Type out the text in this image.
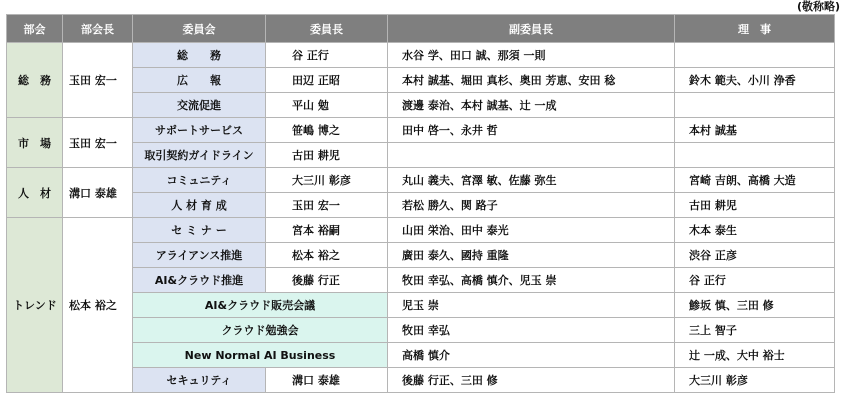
(敬称略)
部会	部会長	委員会	委員長	副委員長	理　事
総　務	玉田 宏一	総　　務	谷 正行	水谷 学、田口 誠、那須 一則	
		広　　報	田辺 正昭	本村 誠基、堀田 真杉、奥田 芳恵、安田 稔	鈴木 範夫、小川 浄香
		交流促進	平山 勉	渡邊 泰治、本村 誠基、辻 一成	
市　場	玉田 宏一	サポートサービス	笹嶋 博之	田中 啓一、永井 哲	本村 誠基
		取引契約ガイドライン	古田 耕児		
人　材	溝口 泰雄	コミュニティ	大三川 彰彦	丸山 義夫、宮澤 敏、佐藤 弥生	宮崎 吉朗、高橋 大造
		人 材 育 成	玉田 宏一	若松 勝久、関 路子	古田 耕児
トレンド	松本 裕之	セ ミ ナ ー	宮本 裕嗣	山田 栄治、田中 泰光	木本 泰生
		アライアンス推進	松本 裕之	廣田 泰久、國持 重隆	渋谷 正彦
		AI&クラウド推進	後藤 行正	牧田 幸弘、高橋 慎介、児玉 崇	谷 正行
		AI&クラウド販売会議		児玉 崇	鯵坂 慎、三田 修
		クラウド勉強会		牧田 幸弘	三上 智子
		New Normal AI Business		高橋 慎介	辻 一成、大中 裕士
		セキュリティ	溝口 泰雄	後藤 行正、三田 修	大三川 彰彦
